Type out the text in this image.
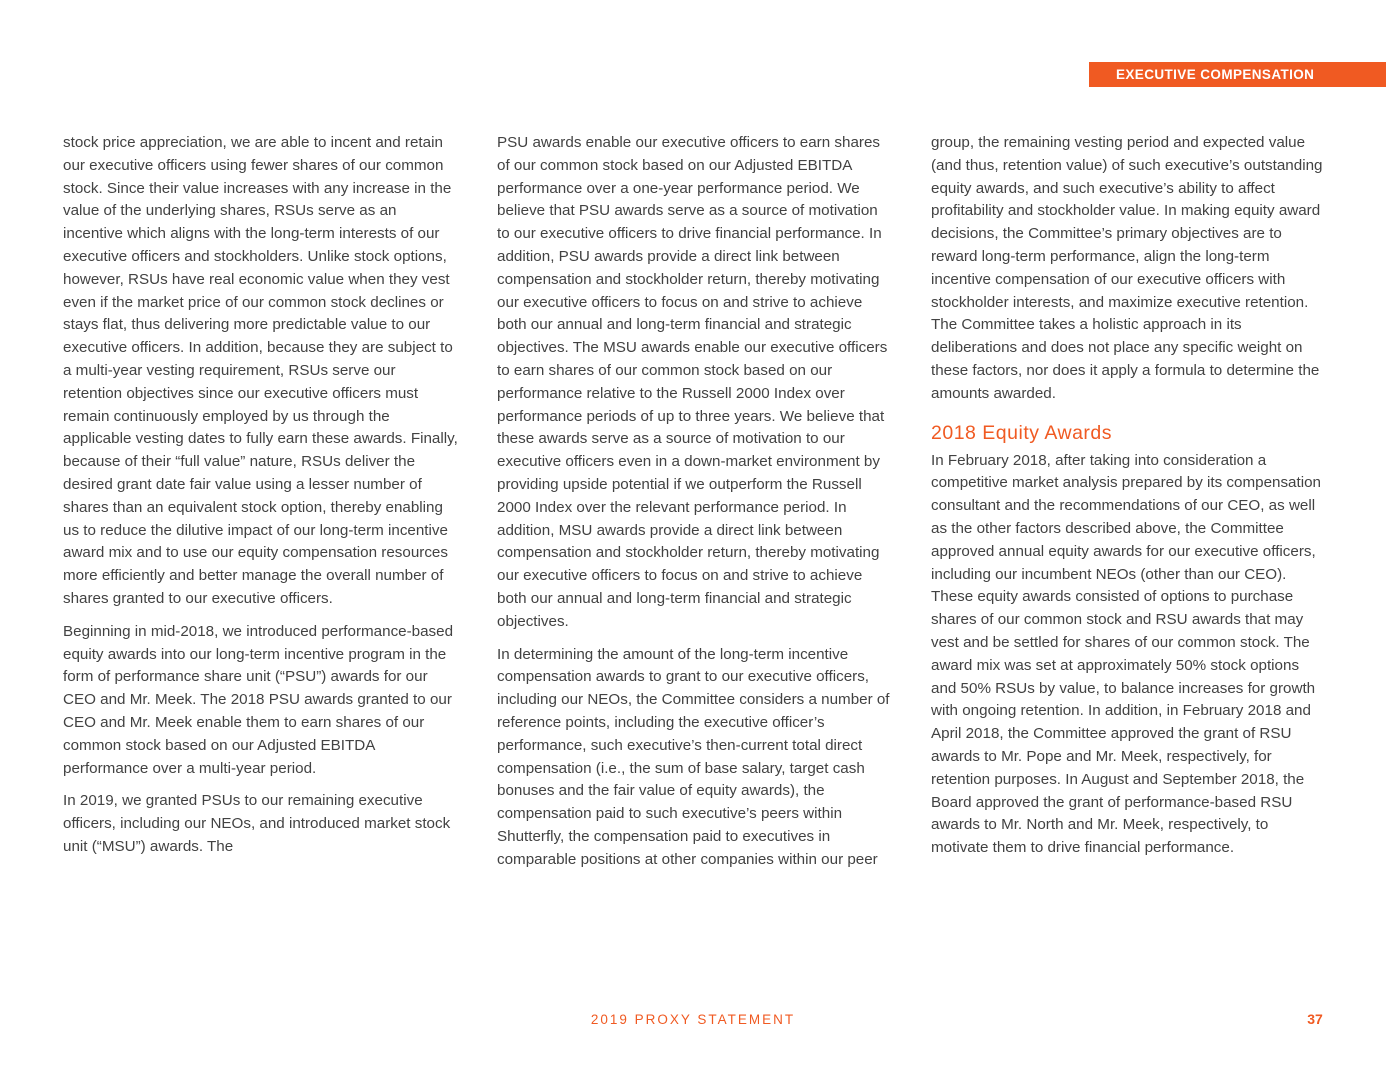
EXECUTIVE COMPENSATION

stock price appreciation, we are able to incent and retain our executive officers using fewer shares of our common stock. Since their value increases with any increase in the value of the underlying shares, RSUs serve as an incentive which aligns with the long-term interests of our executive officers and stockholders. Unlike stock options, however, RSUs have real economic value when they vest even if the market price of our common stock declines or stays flat, thus delivering more predictable value to our executive officers. In addition, because they are subject to a multi-year vesting requirement, RSUs serve our retention objectives since our executive officers must remain continuously employed by us through the applicable vesting dates to fully earn these awards. Finally, because of their “full value” nature, RSUs deliver the desired grant date fair value using a lesser number of shares than an equivalent stock option, thereby enabling us to reduce the dilutive impact of our long-term incentive award mix and to use our equity compensation resources more efficiently and better manage the overall number of shares granted to our executive officers.

Beginning in mid-2018, we introduced performance-based equity awards into our long-term incentive program in the form of performance share unit (“PSU”) awards for our CEO and Mr. Meek. The 2018 PSU awards granted to our CEO and Mr. Meek enable them to earn shares of our common stock based on our Adjusted EBITDA performance over a multi-year period.

In 2019, we granted PSUs to our remaining executive officers, including our NEOs, and introduced market stock unit (“MSU”) awards. The

PSU awards enable our executive officers to earn shares of our common stock based on our Adjusted EBITDA performance over a one-year performance period. We believe that PSU awards serve as a source of motivation to our executive officers to drive financial performance. In addition, PSU awards provide a direct link between compensation and stockholder return, thereby motivating our executive officers to focus on and strive to achieve both our annual and long-term financial and strategic objectives. The MSU awards enable our executive officers to earn shares of our common stock based on our performance relative to the Russell 2000 Index over performance periods of up to three years. We believe that these awards serve as a source of motivation to our executive officers even in a down-market environment by providing upside potential if we outperform the Russell 2000 Index over the relevant performance period. In addition, MSU awards provide a direct link between compensation and stockholder return, thereby motivating our executive officers to focus on and strive to achieve both our annual and long-term financial and strategic objectives.

In determining the amount of the long-term incentive compensation awards to grant to our executive officers, including our NEOs, the Committee considers a number of reference points, including the executive officer’s performance, such executive’s then-current total direct compensation (i.e., the sum of base salary, target cash bonuses and the fair value of equity awards), the compensation paid to such executive’s peers within Shutterfly, the compensation paid to executives in comparable positions at other companies within our peer

group, the remaining vesting period and expected value (and thus, retention value) of such executive’s outstanding equity awards, and such executive’s ability to affect profitability and stockholder value. In making equity award decisions, the Committee’s primary objectives are to reward long-term performance, align the long-term incentive compensation of our executive officers with stockholder interests, and maximize executive retention. The Committee takes a holistic approach in its deliberations and does not place any specific weight on these factors, nor does it apply a formula to determine the amounts awarded.

2018 Equity Awards

In February 2018, after taking into consideration a competitive market analysis prepared by its compensation consultant and the recommendations of our CEO, as well as the other factors described above, the Committee approved annual equity awards for our executive officers, including our incumbent NEOs (other than our CEO). These equity awards consisted of options to purchase shares of our common stock and RSU awards that may vest and be settled for shares of our common stock. The award mix was set at approximately 50% stock options and 50% RSUs by value, to balance increases for growth with ongoing retention. In addition, in February 2018 and April 2018, the Committee approved the grant of RSU awards to Mr. Pope and Mr. Meek, respectively, for retention purposes. In August and September 2018, the Board approved the grant of performance-based RSU awards to Mr. North and Mr. Meek, respectively, to motivate them to drive financial performance.

2019 PROXY STATEMENT	37
